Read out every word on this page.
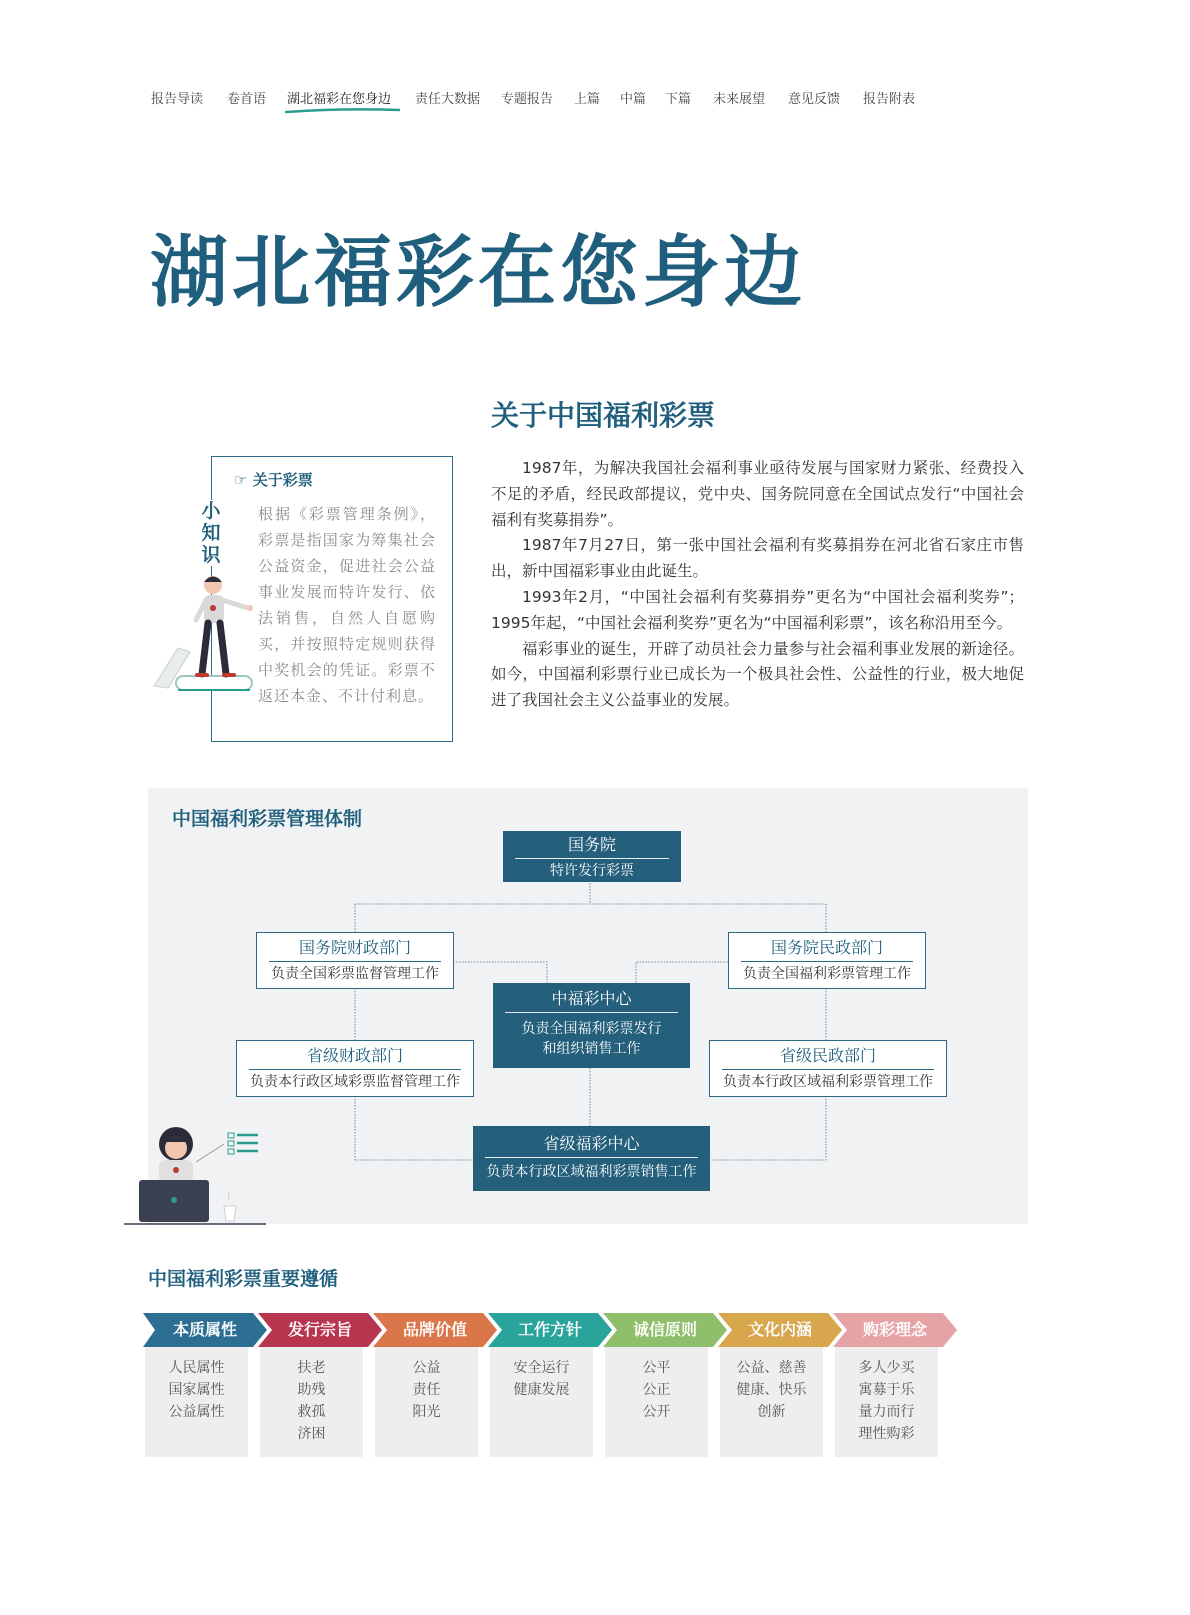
报告导读 卷首语 湖北福彩在您身边 责任大数据 专题报告 上篇 中篇 下篇 未来展望 意见反馈 报告附表
湖北福彩在您身边
☞ 关于彩票
根据《彩票管理条例》，彩票是指国家为筹集社会公益资金，促进社会公益事业发展而特许发行、依法销售，自然人自愿购买，并按照特定规则获得中奖机会的凭证。彩票不返还本金、不计付利息。
小
知
识
关于中国福利彩票

1987年，为解决我国社会福利事业亟待发展与国家财力紧张、经费投入不足的矛盾，经民政部提议，党中央、国务院同意在全国试点发行“中国社会福利有奖募捐券”。

1987年7月27日，第一张中国社会福利有奖募捐券在河北省石家庄市售出，新中国福彩事业由此诞生。

1993年2月，“中国社会福利有奖募捐券”更名为“中国社会福利奖券”；1995年起，“中国社会福利奖券”更名为“中国福利彩票”，该名称沿用至今。

福彩事业的诞生，开辟了动员社会力量参与社会福利事业发展的新途径。如今，中国福利彩票行业已成长为一个极具社会性、公益性的行业，极大地促进了我国社会主义公益事业的发展。

中国福利彩票管理体制
国务院
特许发行彩票
国务院财政部门
负责全国彩票监督管理工作
国务院民政部门
负责全国福利彩票管理工作
中福彩中心
负责全国福利彩票发行
和组织销售工作
省级财政部门
负责本行政区域彩票监督管理工作
省级民政部门
负责本行政区域福利彩票管理工作
省级福彩中心
负责本行政区域福利彩票销售工作
中国福利彩票重要遵循
本质属性
人民属性
国家属性
公益属性
发行宗旨
扶老
助残
救孤
济困
品牌价值
公益
责任
阳光
工作方针
安全运行
健康发展
诚信原则
公平
公正
公开
文化内涵
公益、慈善
健康、快乐
创新
购彩理念
多人少买
寓募于乐
量力而行
理性购彩
